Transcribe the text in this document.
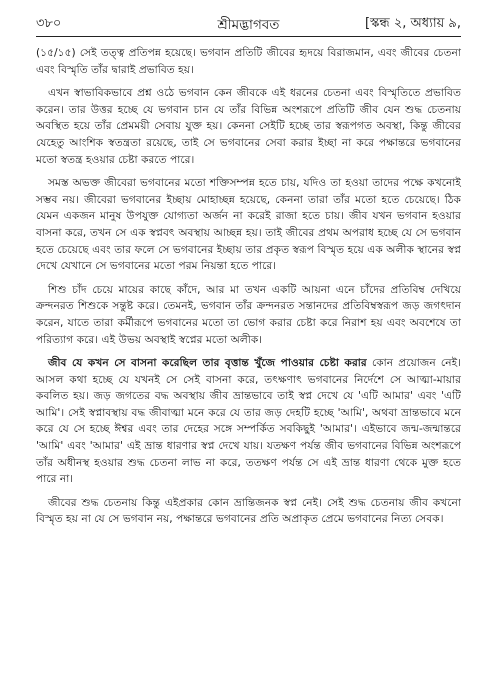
৩৮০	শ্রীমদ্ভাগবত	[স্কন্ধ ২, অধ্যায় ৯,

(১৫/১৫) সেই তত্ত্ব প্রতিপন্ন হয়েছে। ভগবান প্রতিটি জীবের হৃদয়ে বিরাজমান, এবং জীবের চেতনা এবং বিস্মৃতি তাঁর দ্বারাই প্রভাবিত হয়।

এখন স্বাভাবিকভাবে প্রশ্ন ওঠে ভগবান কেন জীবকে এই ধরনের চেতনা এবং বিস্মৃতিতে প্রভাবিত করেন। তার উত্তর হচ্ছে যে ভগবান চান যে তাঁর বিভিন্ন অংশরূপে প্রতিটি জীব যেন শুদ্ধ চেতনায় অবস্থিত হয়ে তাঁর প্রেমময়ী সেবায় যুক্ত হয়। কেননা সেইটি হচ্ছে তার স্বরূপগত অবস্থা, কিন্তু জীবের যেহেতু আংশিক স্বতন্ত্রতা রয়েছে, তাই সে ভগবানের সেবা করার ইচ্ছা না করে পক্ষান্তরে ভগবানের মতো স্বতন্ত্র হওয়ার চেষ্টা করতে পারে।

সমস্ত অভক্ত জীবেরা ভগবানের মতো শক্তিসম্পন্ন হতে চায়, যদিও তা হওয়া তাদের পক্ষে কখনোই সম্ভব নয়। জীবেরা ভগবানের ইচ্ছায় মোহাচ্ছন্ন হয়েছে, কেননা তারা তাঁর মতো হতে চেয়েছে। ঠিক যেমন একজন মানুষ উপযুক্ত যোগ্যতা অর্জন না করেই রাজা হতে চায়। জীব যখন ভগবান হওয়ার বাসনা করে, তখন সে এক স্বপ্নবৎ অবস্থায় আচ্ছন্ন হয়। তাই জীবের প্রথম অপরাধ হচ্ছে যে সে ভগবান হতে চেয়েছে এবং তার ফলে সে ভগবানের ইচ্ছায় তার প্রকৃত স্বরূপ বিস্মৃত হয়ে এক অলীক স্থানের স্বপ্ন দেখে যেখানে সে ভগবানের মতো পরম নিয়ন্তা হতে পারে।

শিশু চাঁদ চেয়ে মায়ের কাছে কাঁদে, আর মা তখন একটি আয়না এনে চাঁদের প্রতিবিম্ব দেখিয়ে ক্রন্দনরত শিশুকে সন্তুষ্ট করে। তেমনই, ভগবান তাঁর ক্রন্দনরত সন্তানদের প্রতিবিম্বস্বরূপ জড় জগৎদান করেন, যাতে তারা কর্মীরূপে ভগবানের মতো তা ভোগ করার চেষ্টা করে নিরাশ হয় এবং অবশেষে তা পরিত্যাগ করে। এই উভয় অবস্থাই স্বপ্নের মতো অলীক।

জীব যে কখন সে বাসনা করেছিল তার বৃত্তান্ত খুঁজে পাওয়ার চেষ্টা করার কোন প্রয়োজন নেই। আসল কথা হচ্ছে যে যখনই সে সেই বাসনা করে, তৎক্ষণাৎ ভগবানের নির্দেশে সে আত্মা-মায়ার কবলিত হয়। জড় জগতের বদ্ধ অবস্থায় জীব ভ্রান্তভাবে তাই স্বপ্ন দেখে যে 'এটি আমার' এবং 'এটি আমি'। সেই স্বপ্নাবস্থায় বদ্ধ জীবাত্মা মনে করে যে তার জড় দেহটি হচ্ছে 'আমি', অথবা ভ্রান্তভাবে মনে করে যে সে হচ্ছে ঈশ্বর এবং তার দেহের সঙ্গে সম্পর্কিত সবকিছুই 'আমার'। এইভাবে জন্ম-জন্মান্তরে 'আমি' এবং 'আমার' এই ভ্রান্ত ধারণার স্বপ্ন দেখে যায়। যতক্ষণ পর্যন্ত জীব ভগবানের বিভিন্ন অংশরূপে তাঁর অধীনস্থ হওয়ার শুদ্ধ চেতনা লাভ না করে, ততক্ষণ পর্যন্ত সে এই ভ্রান্ত ধারণা থেকে মুক্ত হতে পারে না।

জীবের শুদ্ধ চেতনায় কিন্তু এইপ্রকার কোন ভ্রান্তিজনক স্বপ্ন নেই। সেই শুদ্ধ চেতনায় জীব কখনো বিস্মৃত হয় না যে সে ভগবান নয়, পক্ষান্তরে ভগবানের প্রতি অপ্রাকৃত প্রেমে ভগবানের নিত্য সেবক।
